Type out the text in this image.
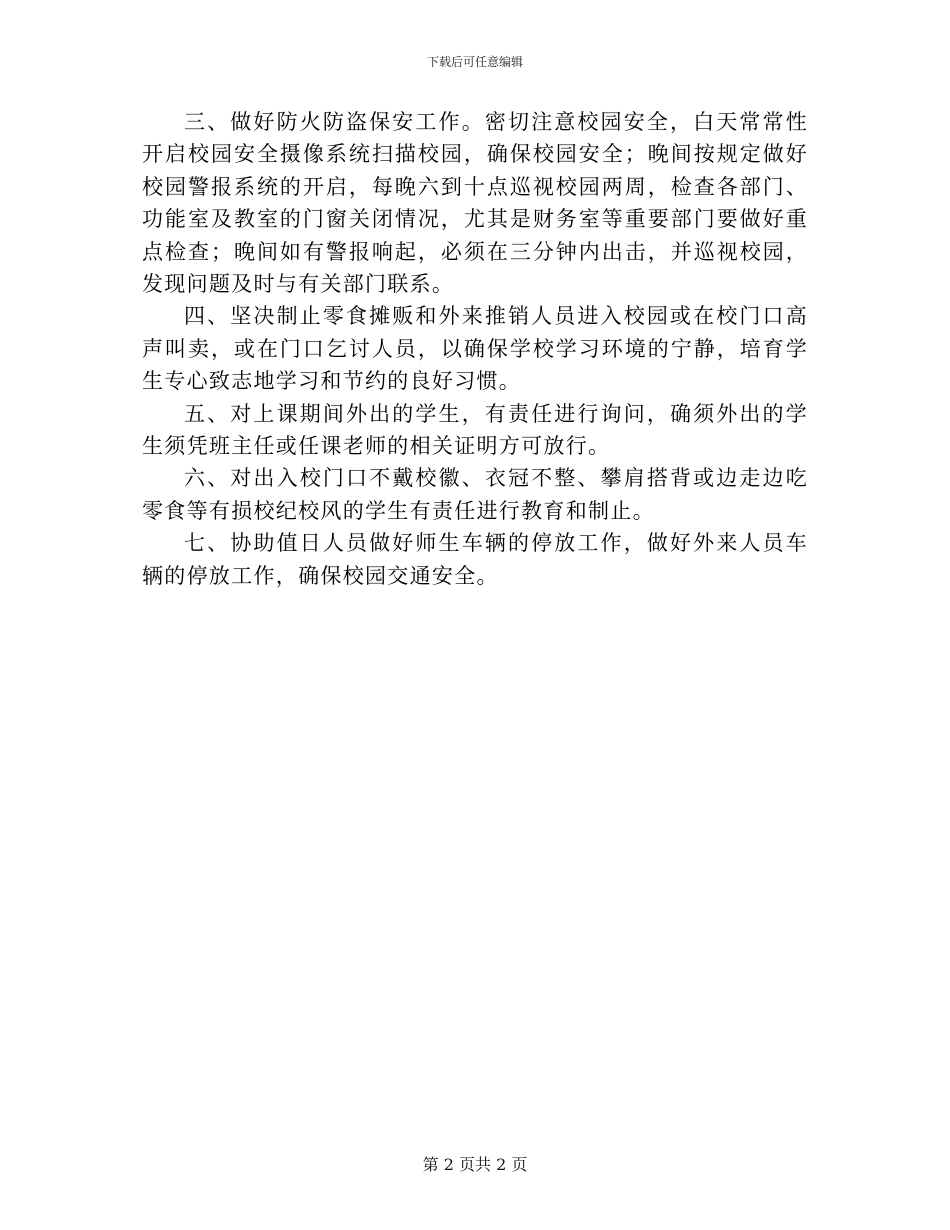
下载后可任意编辑

三、做好防火防盗保安工作。密切注意校园安全，白天常常性开启校园安全摄像系统扫描校园，确保校园安全；晚间按规定做好校园警报系统的开启，每晚六到十点巡视校园两周，检查各部门、功能室及教室的门窗关闭情况，尤其是财务室等重要部门要做好重点检查；晚间如有警报响起，必须在三分钟内出击，并巡视校园，发现问题及时与有关部门联系。

四、坚决制止零食摊贩和外来推销人员进入校园或在校门口高声叫卖，或在门口乞讨人员，以确保学校学习环境的宁静，培育学生专心致志地学习和节约的良好习惯。

五、对上课期间外出的学生，有责任进行询问，确须外出的学生须凭班主任或任课老师的相关证明方可放行。

六、对出入校门口不戴校徽、衣冠不整、攀肩搭背或边走边吃零食等有损校纪校风的学生有责任进行教育和制止。

七、协助值日人员做好师生车辆的停放工作，做好外来人员车辆的停放工作，确保校园交通安全。

第 2 页共 2 页
